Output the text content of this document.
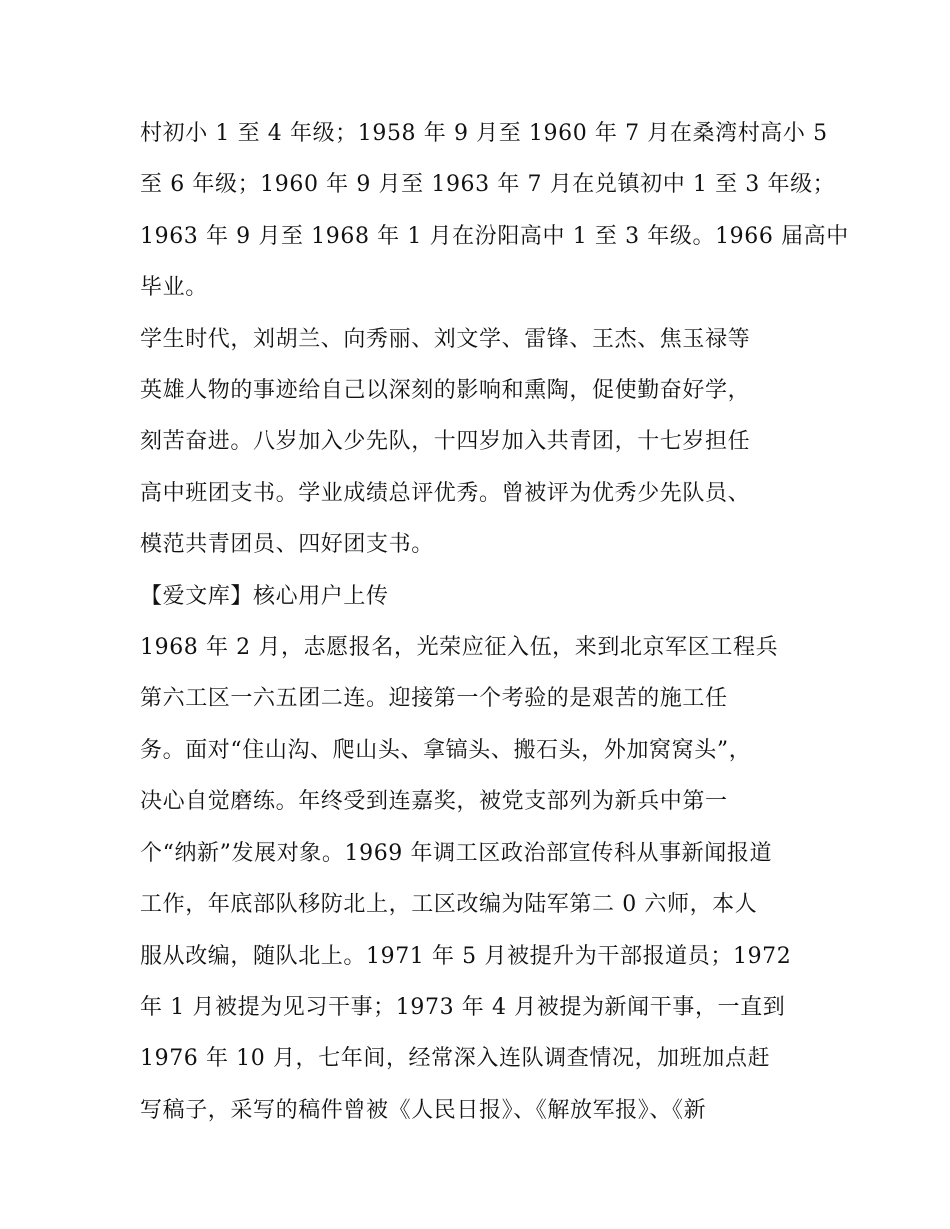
村初小 1 至 4 年级；1958 年 9 月至 1960 年 7 月在桑湾村高小 5
至 6 年级；1960 年 9 月至 1963 年 7 月在兑镇初中 1 至 3 年级；
1963 年 9 月至 1968 年 1 月在汾阳高中 1 至 3 年级。1966 届高中
毕业。
学生时代，刘胡兰、向秀丽、刘文学、雷锋、王杰、焦玉禄等
英雄人物的事迹给自己以深刻的影响和熏陶，促使勤奋好学，
刻苦奋进。八岁加入少先队，十四岁加入共青团，十七岁担任
高中班团支书。学业成绩总评优秀。曾被评为优秀少先队员、
模范共青团员、四好团支书。
【爱文库】核心用户上传
1968 年 2 月，志愿报名，光荣应征入伍，来到北京军区工程兵
第六工区一六五团二连。迎接第一个考验的是艰苦的施工任
务。面对“住山沟、爬山头、拿镐头、搬石头，外加窝窝头”，
决心自觉磨练。年终受到连嘉奖，被党支部列为新兵中第一
个“纳新”发展对象。1969 年调工区政治部宣传科从事新闻报道
工作，年底部队移防北上，工区改编为陆军第二 0 六师，本人
服从改编，随队北上。1971 年 5 月被提升为干部报道员；1972
年 1 月被提为见习干事；1973 年 4 月被提为新闻干事，一直到
1976 年 10 月，七年间，经常深入连队调查情况，加班加点赶
写稿子，采写的稿件曾被《人民日报》、《解放军报》、《新
